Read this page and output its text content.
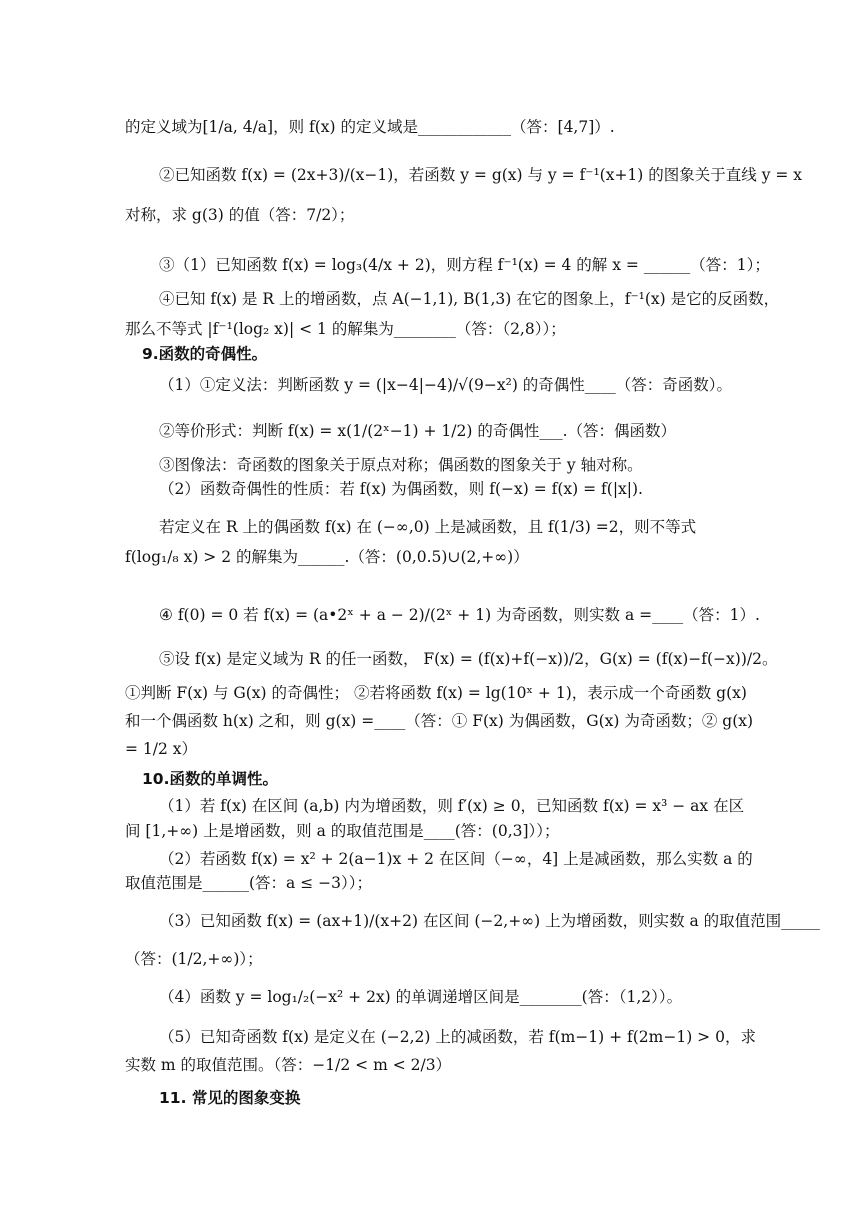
的定义域为[1/a, 4/a]，则 f(x) 的定义域是____________（答：[4,7]）.
②已知函数 f(x) = (2x+3)/(x−1)，若函数 y = g(x) 与 y = f⁻¹(x+1) 的图象关于直线 y = x
对称，求 g(3) 的值（答：7/2）；
③（1）已知函数 f(x) = log₃(4/x + 2)，则方程 f⁻¹(x) = 4 的解 x = ______（答：1）；
④已知 f(x) 是 R 上的增函数，点 A(−1,1), B(1,3) 在它的图象上，f⁻¹(x) 是它的反函数，
那么不等式 |f⁻¹(log₂ x)| < 1 的解集为________（答：（2,8））；
9.函数的奇偶性。
（1）①定义法：判断函数 y = (|x−4|−4)/√(9−x²) 的奇偶性____（答：奇函数）。
②等价形式：判断 f(x) = x(1/(2ˣ−1) + 1/2) 的奇偶性___.（答：偶函数）
③图像法：奇函数的图象关于原点对称；偶函数的图象关于 y 轴对称。
（2）函数奇偶性的性质：若 f(x) 为偶函数，则 f(−x) = f(x) = f(|x|).
若定义在 R 上的偶函数 f(x) 在 (−∞,0) 上是减函数，且 f(1/3) =2，则不等式
f(log₁/₈ x) > 2 的解集为______.（答：(0,0.5)∪(2,+∞)）
④ f(0) = 0 若 f(x) = (a•2ˣ + a − 2)/(2ˣ + 1) 为奇函数，则实数 a =____（答：1）.
⑤设 f(x) 是定义域为 R 的任一函数， F(x) = (f(x)+f(−x))/2，G(x) = (f(x)−f(−x))/2。
①判断 F(x) 与 G(x) 的奇偶性； ②若将函数 f(x) = lg(10ˣ + 1)，表示成一个奇函数 g(x)
和一个偶函数 h(x) 之和，则 g(x) =____（答：① F(x) 为偶函数，G(x) 为奇函数；② g(x)
= 1/2 x）
10.函数的单调性。
（1）若 f(x) 在区间 (a,b) 内为增函数，则 f′(x) ≥ 0，已知函数 f(x) = x³ − ax 在区
间 [1,+∞) 上是增函数，则 a 的取值范围是____(答：(0,3]））；
（2）若函数 f(x) = x² + 2(a−1)x + 2 在区间（−∞，4] 上是减函数，那么实数 a 的
取值范围是______(答：a ≤ −3））；
（3）已知函数 f(x) = (ax+1)/(x+2) 在区间 (−2,+∞) 上为增函数，则实数 a 的取值范围_____
（答：(1/2,+∞)）；
（4）函数 y = log₁/₂(−x² + 2x) 的单调递增区间是________(答：（1,2））。
（5）已知奇函数 f(x) 是定义在 (−2,2) 上的减函数，若 f(m−1) + f(2m−1) > 0，求
实数 m 的取值范围。（答：−1/2 < m < 2/3）
11. 常见的图象变换
